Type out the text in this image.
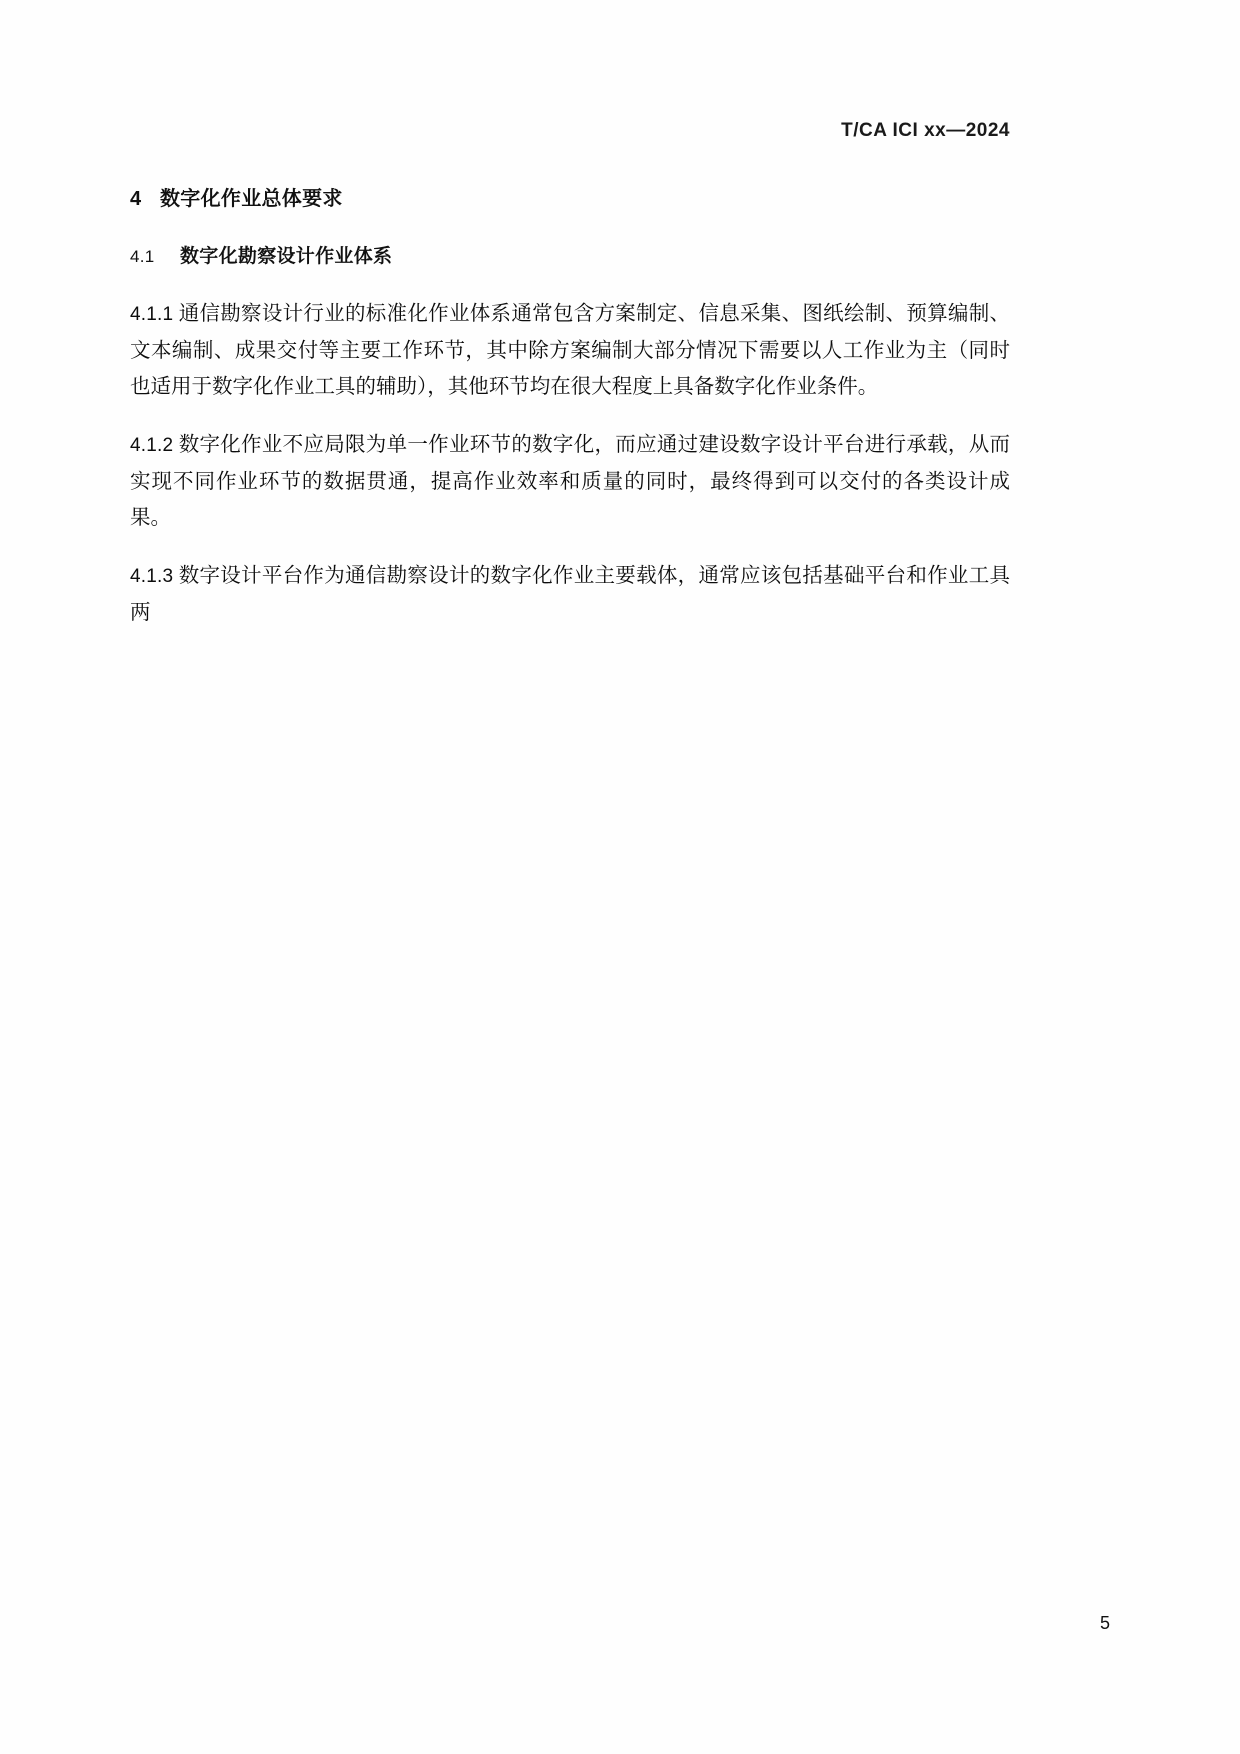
T/CA ICI xx—2024
4 数字化作业总体要求
4.1 数字化勘察设计作业体系

4.1.1 通信勘察设计行业的标准化作业体系通常包含方案制定、信息采集、图纸绘制、预算编制、文本编制、成果交付等主要工作环节，其中除方案编制大部分情况下需要以人工作业为主（同时也适用于数字化作业工具的辅助），其他环节均在很大程度上具备数字化作业条件。

4.1.2 数字化作业不应局限为单一作业环节的数字化，而应通过建设数字设计平台进行承载，从而实现不同作业环节的数据贯通，提高作业效率和质量的同时，最终得到可以交付的各类设计成果。

4.1.3 数字设计平台作为通信勘察设计的数字化作业主要载体，通常应该包括基础平台和作业工具两

5
